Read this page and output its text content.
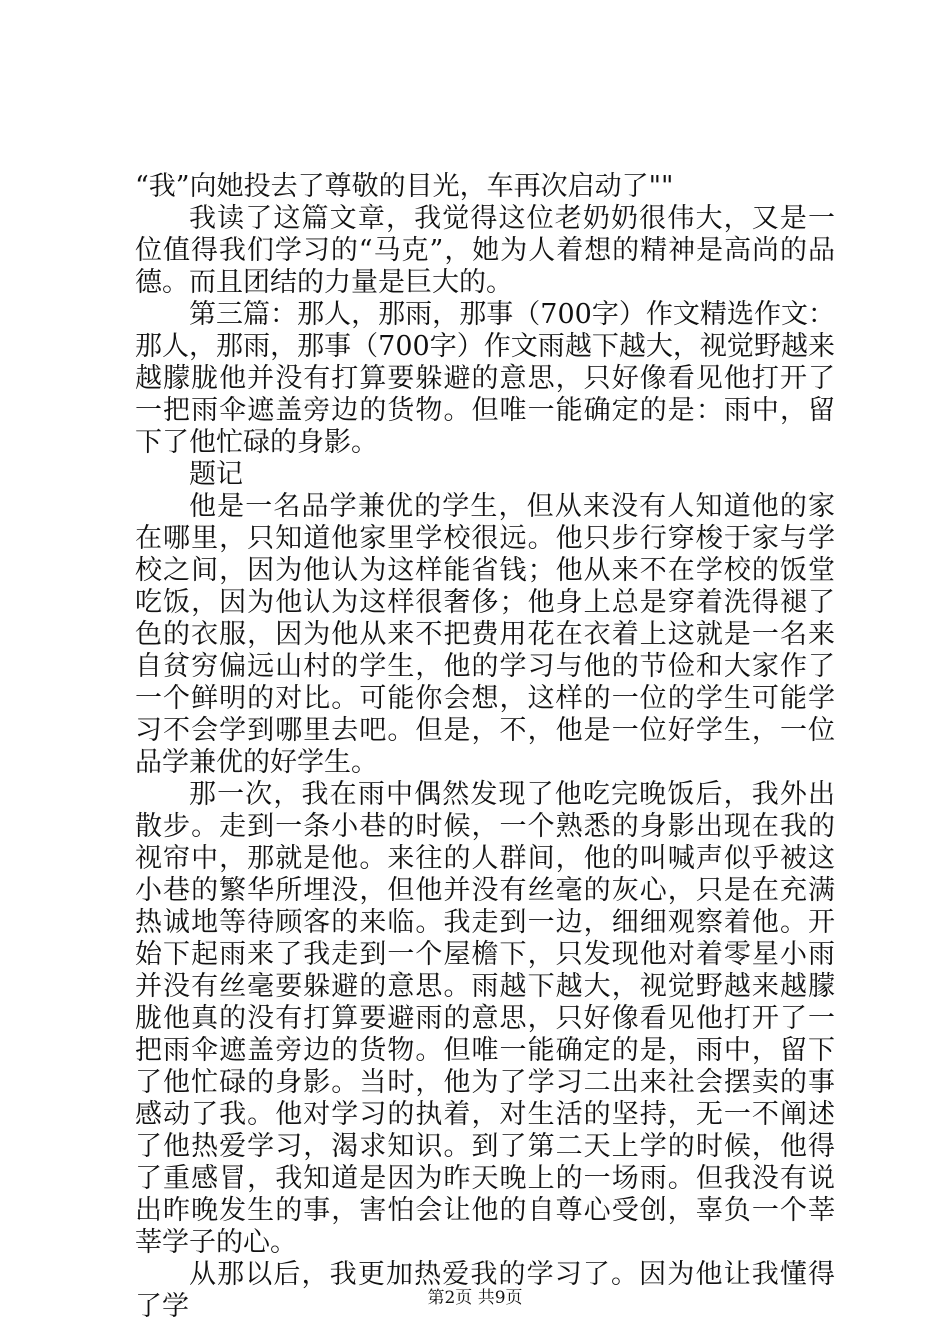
“我”向她投去了尊敬的目光，车再次启动了""

我读了这篇文章，我觉得这位老奶奶很伟大，又是一位值得我们学习的“马克”，她为人着想的精神是高尚的品德。而且团结的力量是巨大的。

第三篇：那人，那雨，那事（700字）作文精选作文：那人，那雨，那事（700字）作文雨越下越大，视觉野越来越朦胧他并没有打算要躲避的意思，只好像看见他打开了一把雨伞遮盖旁边的货物。但唯一能确定的是：雨中，留下了他忙碌的身影。

题记

他是一名品学兼优的学生，但从来没有人知道他的家在哪里，只知道他家里学校很远。他只步行穿梭于家与学校之间，因为他认为这样能省钱；他从来不在学校的饭堂吃饭，因为他认为这样很奢侈；他身上总是穿着洗得褪了色的衣服，因为他从来不把费用花在衣着上这就是一名来自贫穷偏远山村的学生，他的学习与他的节俭和大家作了一个鲜明的对比。可能你会想，这样的一位的学生可能学习不会学到哪里去吧。但是，不，他是一位好学生，一位品学兼优的好学生。

那一次，我在雨中偶然发现了他吃完晚饭后，我外出散步。走到一条小巷的时候，一个熟悉的身影出现在我的视帘中，那就是他。来往的人群间，他的叫喊声似乎被这小巷的繁华所埋没，但他并没有丝毫的灰心，只是在充满热诚地等待顾客的来临。我走到一边，细细观察着他。开始下起雨来了我走到一个屋檐下，只发现他对着零星小雨并没有丝毫要躲避的意思。雨越下越大，视觉野越来越朦胧他真的没有打算要避雨的意思，只好像看见他打开了一把雨伞遮盖旁边的货物。但唯一能确定的是，雨中，留下了他忙碌的身影。当时，他为了学习二出来社会摆卖的事感动了我。他对学习的执着，对生活的坚持，无一不阐述了他热爱学习，渴求知识。到了第二天上学的时候，他得了重感冒，我知道是因为昨天晚上的一场雨。但我没有说出昨晚发生的事，害怕会让他的自尊心受创，辜负一个莘莘学子的心。

从那以后，我更加热爱我的学习了。因为他让我懂得了学	第2页 共9页
